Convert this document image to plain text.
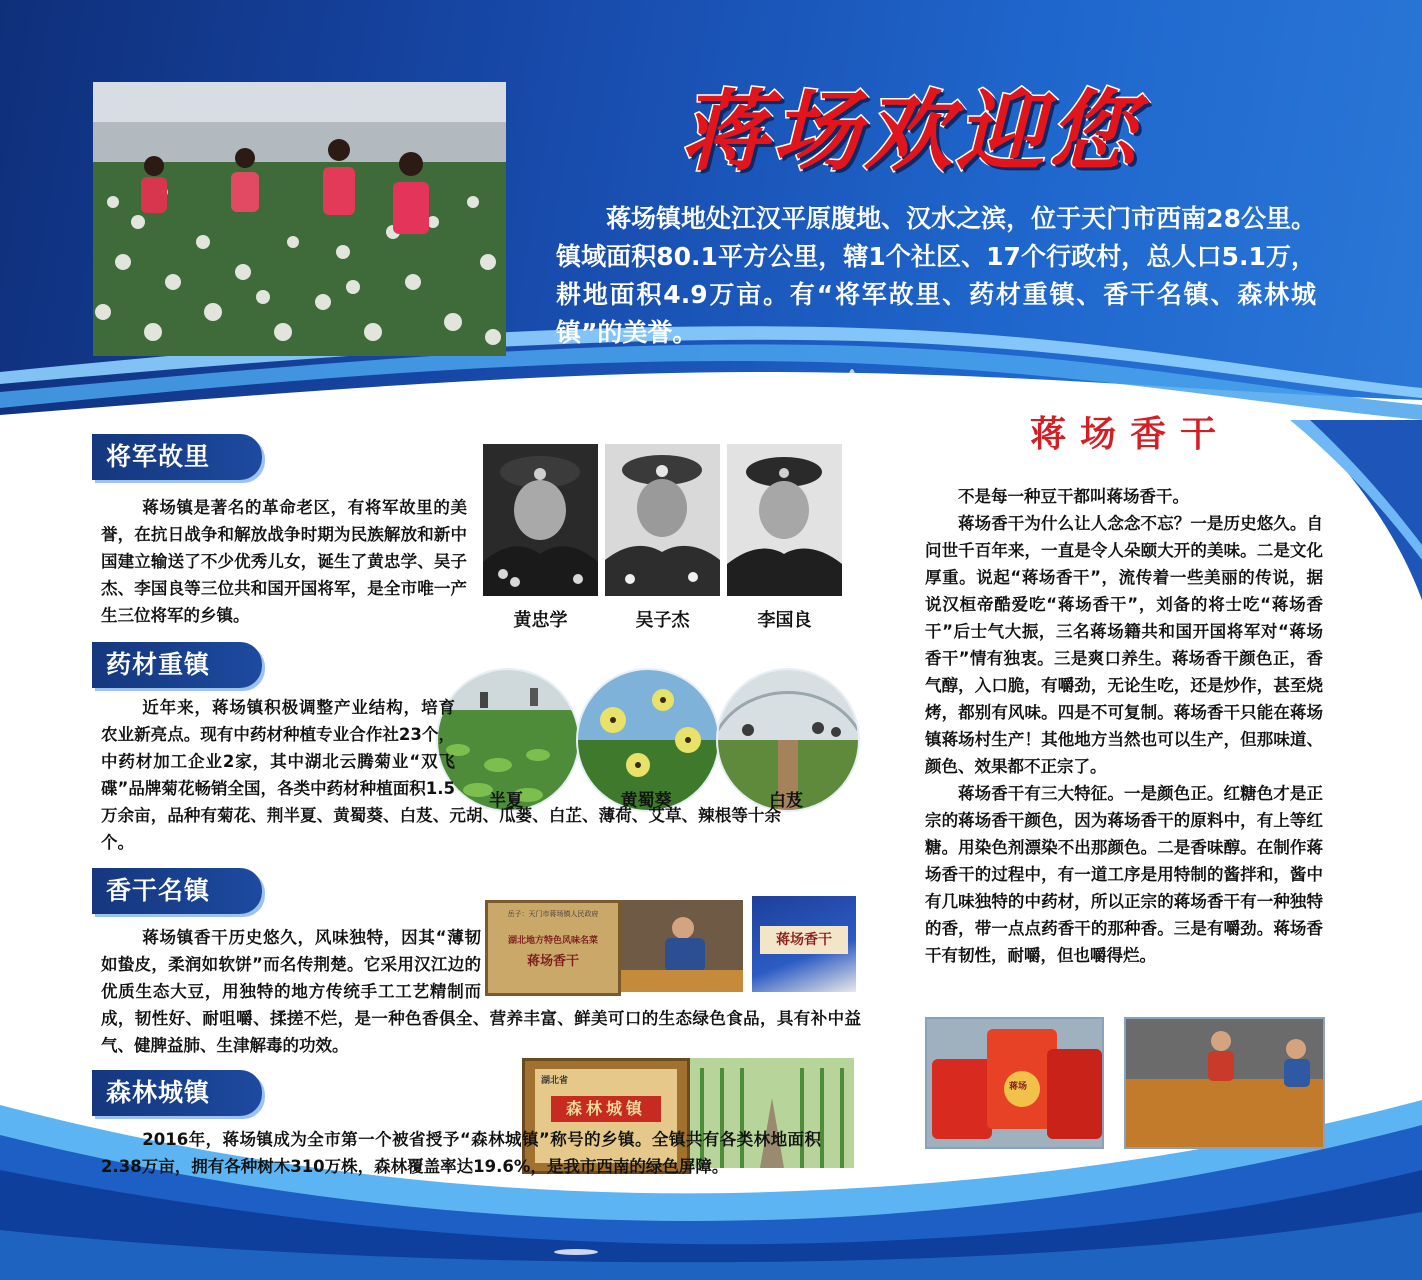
蒋场欢迎您
蒋场镇地处江汉平原腹地、汉水之滨，位于天门市西南28公里。镇域面积80.1平方公里，辖1个社区、17个行政村，总人口5.1万，耕地面积4.9万亩。有“将军故里、药材重镇、香干名镇、森林城镇”的美誉。
将军故里
蒋场镇是著名的革命老区，有将军故里的美誉，在抗日战争和解放战争时期为民族解放和新中国建立输送了不少优秀儿女，诞生了黄忠学、吴子杰、李国良等三位共和国开国将军，是全市唯一产生三位将军的乡镇。	黄忠学	吴子杰	李国良
药材重镇
半夏	黄蜀葵	白芨
近年来，蒋场镇积极调整产业结构，培育农业新亮点。现有中药材种植专业合作社23个，中药材加工企业2家，其中湖北云腾菊业“双飞碟”品牌菊花畅销全国，各类中药材种植面积1.5万余亩，品种有菊花、荆半夏、黄蜀葵、白芨、元胡、瓜蒌、白芷、薄荷、艾草、辣根等十余个。
香干名镇
岳子：天门市蒋场镇人民政府
湖北地方特色风味名菜
蒋场香干
蒋场香干
蒋场镇香干历史悠久，风味独特，因其“薄韧如蛰皮，柔润如软饼”而名传荆楚。它采用汉江边的优质生态大豆，用独特的地方传统手工工艺精制而成，韧性好、耐咀嚼、揉搓不烂，是一种色香俱全、营养丰富、鲜美可口的生态绿色食品，具有补中益气、健脾益肺、生津解毒的功效。
森林城镇	湖北省
森林城镇
2016年，蒋场镇成为全市第一个被省授予“森林城镇”称号的乡镇。全镇共有各类林地面积2.38万亩，拥有各种树木310万株，森林覆盖率达19.6%，是我市西南的绿色屏障。
蒋场香干

不是每一种豆干都叫蒋场香干。

蒋场香干为什么让人念念不忘？一是历史悠久。自问世千百年来，一直是令人朵颐大开的美味。二是文化厚重。说起“蒋场香干”，流传着一些美丽的传说，据说汉桓帝酷爱吃“蒋场香干”，刘备的将士吃“蒋场香干”后士气大振，三名蒋场籍共和国开国将军对“蒋场香干”情有独衷。三是爽口养生。蒋场香干颜色正，香气醇，入口脆，有嚼劲，无论生吃，还是炒作，甚至烧烤，都别有风味。四是不可复制。蒋场香干只能在蒋场镇蒋场村生产！其他地方当然也可以生产，但那味道、颜色、效果都不正宗了。

蒋场香干有三大特征。一是颜色正。红糖色才是正宗的蒋场香干颜色，因为蒋场香干的原料中，有上等红糖。用染色剂漂染不出那颜色。二是香味醇。在制作蒋场香干的过程中，有一道工序是用特制的酱拌和，酱中有几味独特的中药材，所以正宗的蒋场香干有一种独特的香，带一点点药香干的那种香。三是有嚼劲。蒋场香干有韧性，耐嚼，但也嚼得烂。

蒋场
